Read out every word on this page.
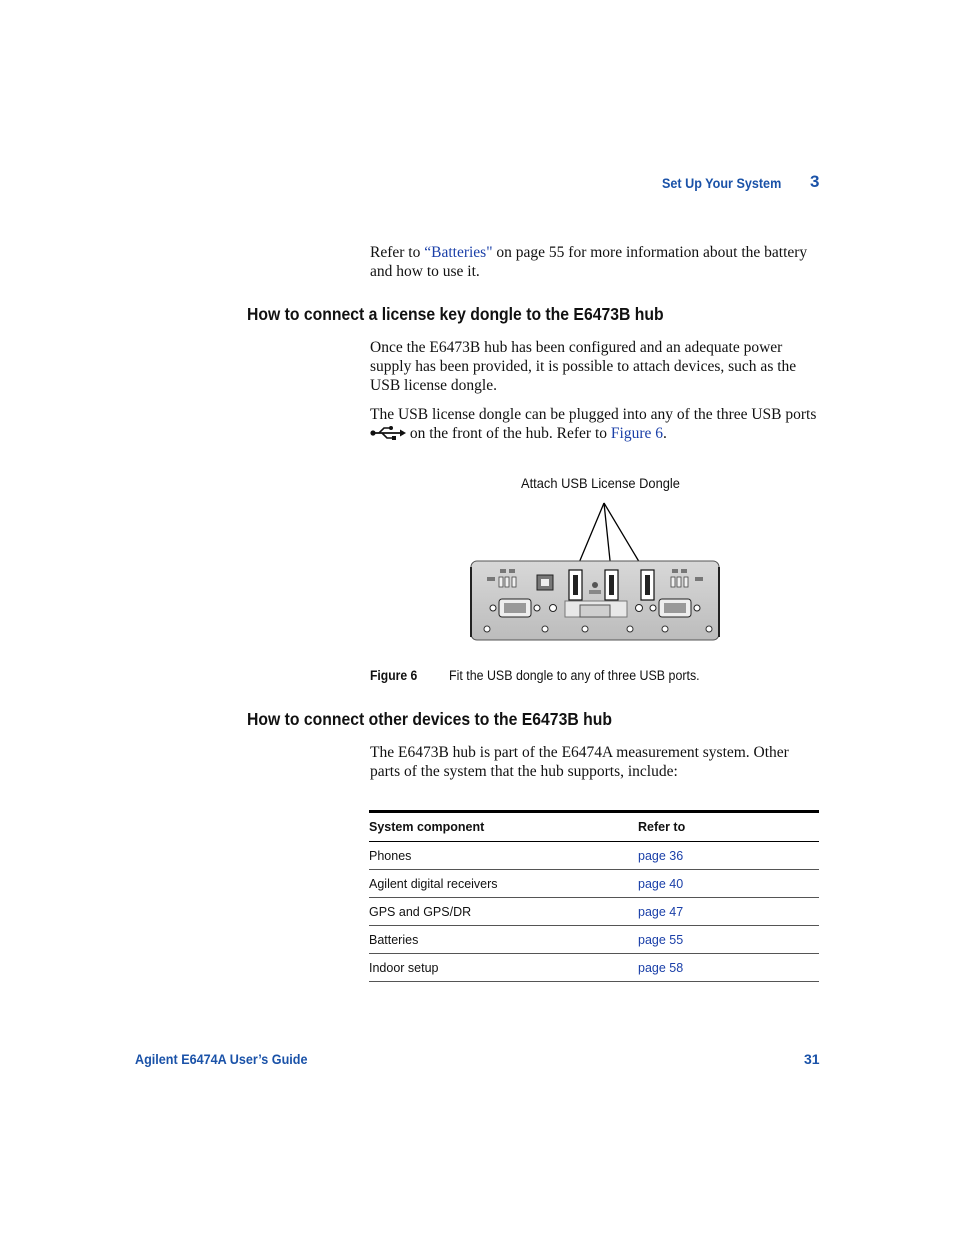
Set Up Your System 3

Refer to “Batteries" on page 55 for more information about the battery and how to use it.

How to connect a license key dongle to the E6473B hub

Once the E6473B hub has been configured and an adequate power supply has been provided, it is possible to attach devices, such as the USB license dongle.

The USB license dongle can be plugged into any of the three USB ports  on the front of the hub. Refer to Figure 6.

Attach USB License Dongle
Figure 6 Fit the USB dongle to any of three USB ports.
How to connect other devices to the E6473B hub

The E6473B hub is part of the E6474A measurement system. Other parts of the system that the hub supports, include:

System component	Refer to
Phones	page 36
Agilent digital receivers	page 40
GPS and GPS/DR	page 47
Batteries	page 55
Indoor setup	page 58
Agilent E6474A User’s Guide	31
